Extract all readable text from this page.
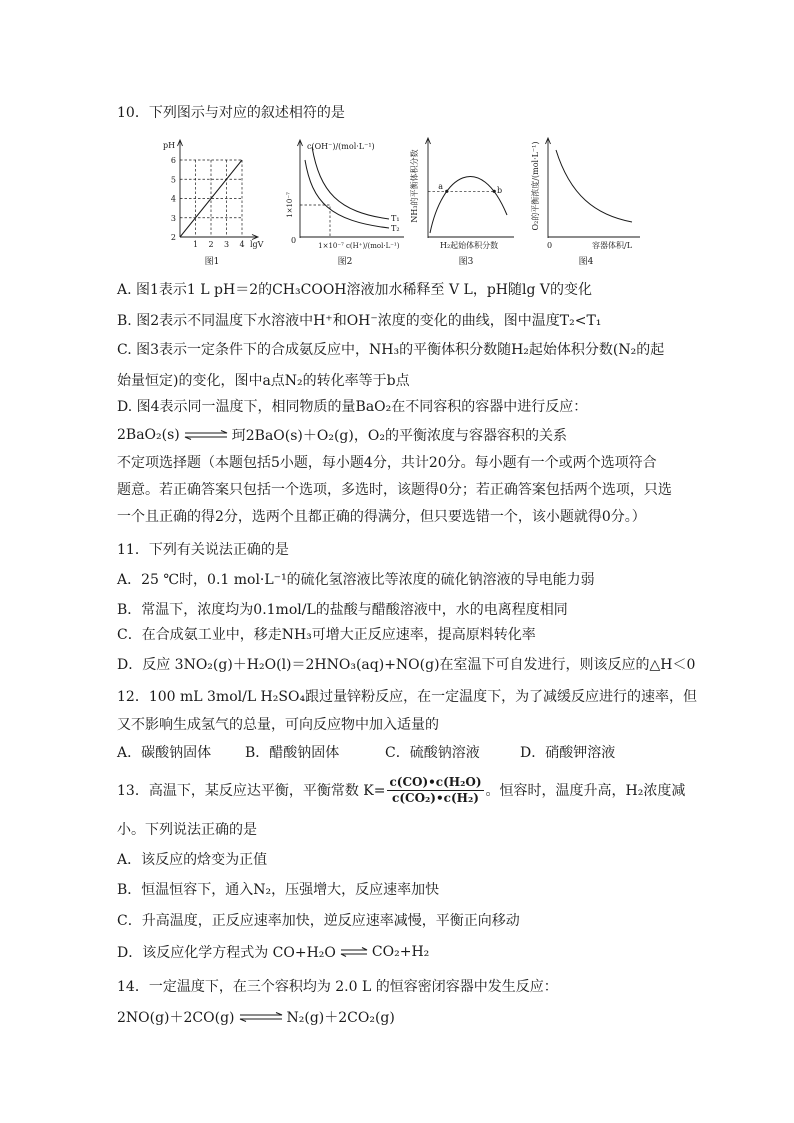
10．下列图示与对应的叙述相符的是
pH
2
3
4
5
6
1 2 3 4 lgV
图1
c(OH⁻)/(mol·L⁻¹)
1×10⁻⁷
0
1×10⁻⁷ c(H⁺)/(mol·L⁻¹)
T₁
T₂
图2
a	b
NH₃的平衡体积分数
H₂起始体积分数
图3
O₂的平衡浓度/(mol·L⁻¹)
0	容器体积/L
图4
A. 图1表示1 L pH＝2的CH₃COOH溶液加水稀释至 V L，pH随lg V的变化
B. 图2表示不同温度下水溶液中H⁺和OH⁻浓度的变化的曲线，图中温度T₂<T₁
C. 图3表示一定条件下的合成氨反应中，NH₃的平衡体积分数随H₂起始体积分数(N₂的起
始量恒定)的变化，图中a点N₂的转化率等于b点
D. 图4表示同一温度下，相同物质的量BaO₂在不同容积的容器中进行反应：
2BaO₂(s) ⇌ 珂2BaO(s)＋O₂(g)，O₂的平衡浓度与容器容积的关系
不定项选择题（本题包括5小题，每小题4分，共计20分。每小题有一个或两个选项符合
题意。若正确答案只包括一个选项，多选时，该题得0分；若正确答案包括两个选项，只选
一个且正确的得2分，选两个且都正确的得满分，但只要选错一个，该小题就得0分。）
11．下列有关说法正确的是
A．25 ℃时，0.1 mol·L⁻¹的硫化氢溶液比等浓度的硫化钠溶液的导电能力弱
B．常温下，浓度均为0.1mol/L的盐酸与醋酸溶液中，水的电离程度相同
C．在合成氨工业中，移走NH₃可增大正反应速率，提高原料转化率
D．反应 3NO₂(g)＋H₂O(l)＝2HNO₃(aq)+NO(g)在室温下可自发进行，则该反应的△H＜0
12．100 mL 3mol/L H₂SO₄跟过量锌粉反应，在一定温度下，为了减缓反应进行的速率，但
又不影响生成氢气的总量，可向反应物中加入适量的
A．碳酸钠固体 B．醋酸钠固体	C．硫酸钠溶液	D．硝酸钾溶液
13．高温下，某反应达平衡，平衡常数 $K= \frac{\text{c(CO)•c(H₂O)}}{\text{c(CO₂)•c(H₂)}}$ 。恒容时，温度升高，H₂浓度减
小。下列说法正确的是
A．该反应的焓变为正值
B．恒温恒容下，通入N₂，压强增大，反应速率加快
C．升高温度，正反应速率加快，逆反应速率减慢，平衡正向移动
D．该反应化学方程式为 CO+H₂O ⇌ CO₂+H₂
14．一定温度下，在三个容积均为 2.0 L 的恒容密闭容器中发生反应：
2NO(g)＋2CO(g) ⇌ N₂(g)＋2CO₂(g)
